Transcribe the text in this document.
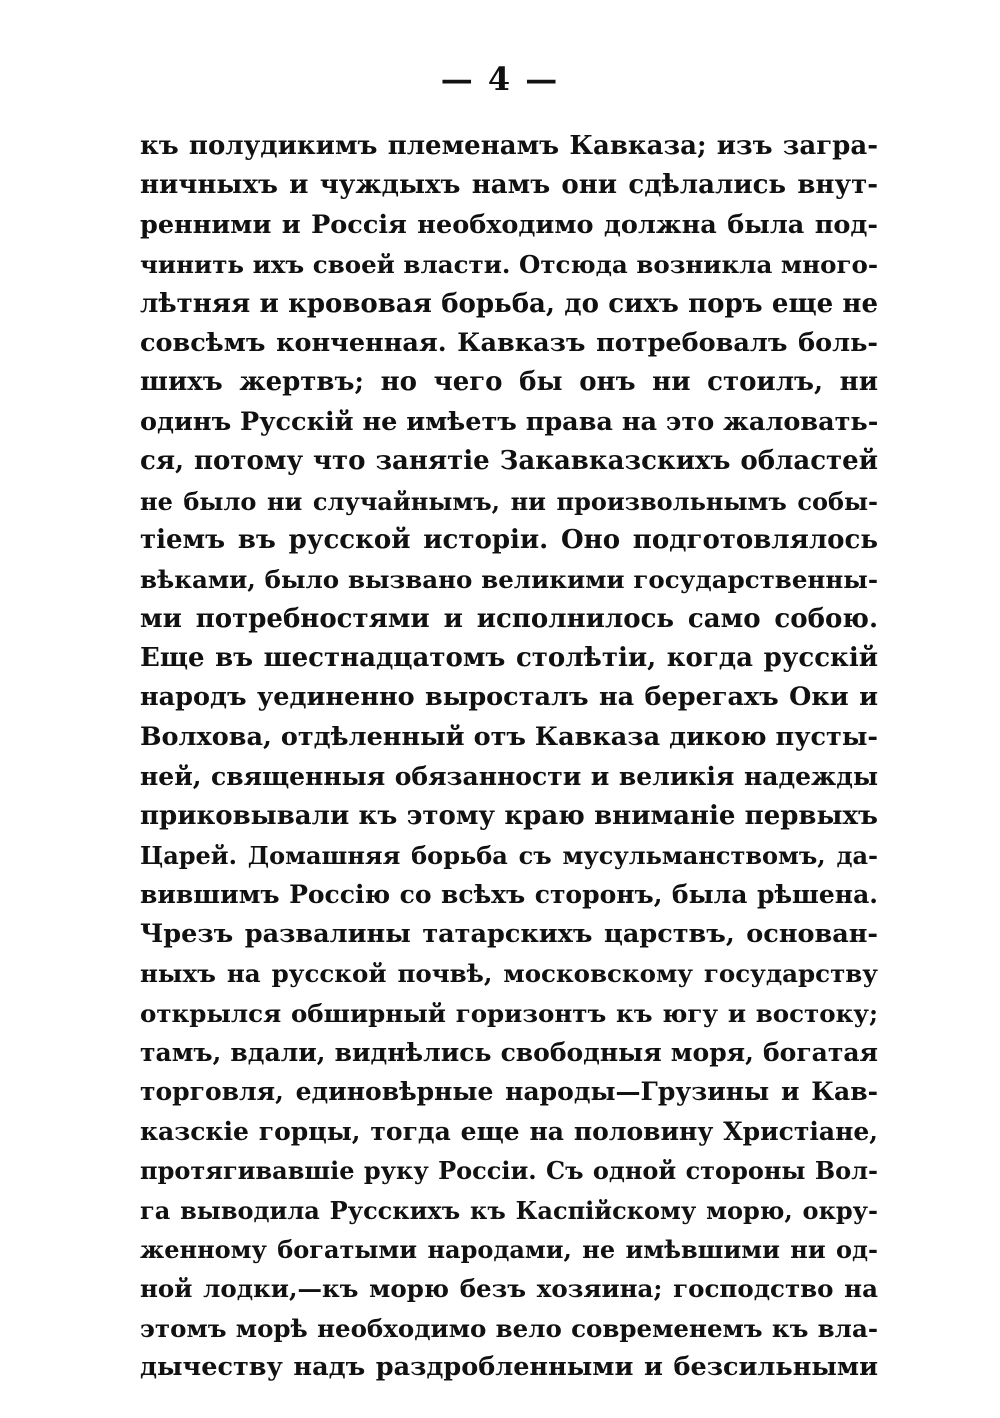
— 4 —
къ полудикимъ племенамъ Кавказа; изъ загра-
ничныхъ и чуждыхъ намъ они сдѣлались внут-
ренними и Россія необходимо должна была под-
чинить ихъ своей власти. Отсюда возникла много-
лѣтняя и крововая борьба, до сихъ поръ еще не
совсѣмъ конченная. Кавказъ потребовалъ боль-
шихъ жертвъ; но чего бы онъ ни стоилъ, ни
одинъ Русскій не имѣетъ права на это жаловать-
ся, потому что занятіе Закавказскихъ областей
не было ни случайнымъ, ни произвольнымъ собы-
тіемъ въ русской исторіи. Оно подготовлялось
вѣками, было вызвано великими государственны-
ми потребностями и исполнилось само собою.
Еще въ шестнадцатомъ столѣтіи, когда русскій
народъ уединенно выросталъ на берегахъ Оки и
Волхова, отдѣленный отъ Кавказа дикою пусты-
ней, священныя обязанности и великія надежды
приковывали къ этому краю вниманіе первыхъ
Царей. Домашняя борьба съ мусульманствомъ, да-
вившимъ Россію со всѣхъ сторонъ, была рѣшена.
Чрезъ развалины татарскихъ царствъ, основан-
ныхъ на русской почвѣ, московскому государству
открылся обширный горизонтъ къ югу и востоку;
тамъ, вдали, виднѣлись свободныя моря, богатая
торговля, единовѣрные народы—Грузины и Кав-
казскіе горцы, тогда еще на половину Христіане,
протягивавшіе руку Россіи. Съ одной стороны Вол-
га выводила Русскихъ къ Каспійскому морю, окру-
женному богатыми народами, не имѣвшими ни од-
ной лодки,—къ морю безъ хозяина; господство на
этомъ морѣ необходимо вело современемъ къ вла-
дычеству надъ раздробленными и безсильными
